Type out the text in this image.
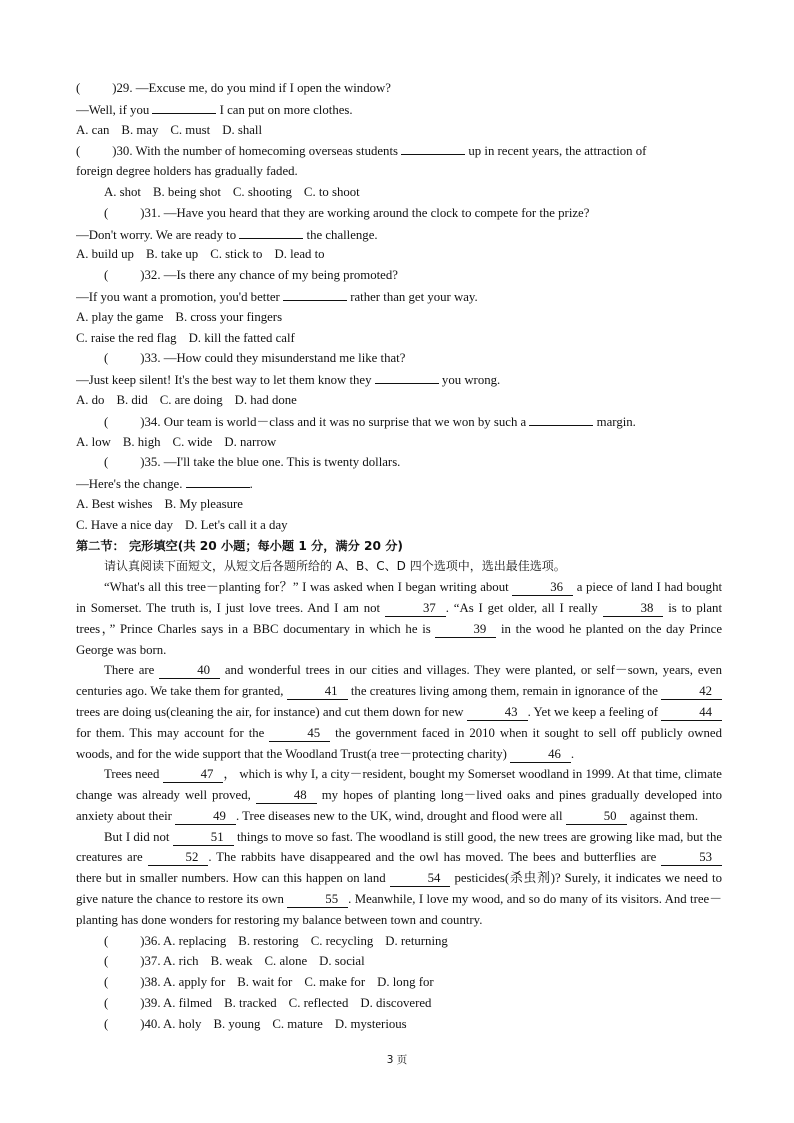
(	)29. —Excuse me, do you mind if I open the window?
—Well, if you	I can put on more clothes.
A. can B. may C. must D. shall
(	)30. With the number of homecoming overseas students	up in recent years, the attraction of
foreign degree holders has gradually faded.
A. shot B. being shot C. shooting C. to shoot
(	)31. —Have you heard that they are working around the clock to compete for the prize?
—Don't worry. We are ready to	the challenge.
A. build up B. take up C. stick to D. lead to
(	)32. —Is there any chance of my being promoted?
—If you want a promotion, you'd better	rather than get your way.
A. play the game B. cross your fingers
C. raise the red flag D. kill the fatted calf
(	)33. —How could they misunderstand me like that?
—Just keep silent! It's the best way to let them know they	you wrong.
A. do B. did C. are doing D. had done
(	)34. Our team is world－class and it was no surprise that we won by such a	margin.
A. low B. high C. wide D. narrow
(	)35. —I'll take the blue one. This is twenty dollars.
—Here's the change.	.
A. Best wishes B. My pleasure
C. Have a nice day D. Let's call it a day
第二节： 完形填空(共 20 小题；每小题 1 分，满分 20 分)
请认真阅读下面短文，从短文后各题所给的 A、B、C、D 四个选项中，选出最佳选项。
“What's all this tree－planting for？” I was asked when I began writing about	36 a piece of land I had bought in Somerset. The truth is, I just love trees. And I am not	37 . “As I get older, all I really	38 is to plant trees，” Prince Charles says in a BBC documentary in which he is	39 in the wood he planted on the day Prince George was born.
There are	40 and wonderful trees in our cities and villages. They were planted, or self－sown, years, even centuries ago. We take them for granted,	41 the creatures living among them, remain in ignorance of the	42 trees are doing us(cleaning the air, for instance) and cut them down for new	43 . Yet we keep a feeling of	44 for them. This may account for the	45 the government faced in 2010 when it sought to sell off publicly owned woods, and for the wide support that the Woodland Trust(a tree－protecting charity)	46 .
Trees need	47 ， which is why I, a city－resident, bought my Somerset woodland in 1999. At that time, climate change was already well proved,	48 my hopes of planting long－lived oaks and pines gradually developed into anxiety about their	49 . Tree diseases new to the UK, wind, drought and flood were all	50 against them.
But I did not	51 things to move so fast. The woodland is still good, the new trees are growing like mad, but the creatures are	52 . The rabbits have disappeared and the owl has moved. The bees and butterflies are	53 there but in smaller numbers. How can this happen on land	54 pesticides(杀虫剂)? Surely, it indicates we need to give nature the chance to restore its own	55 . Meanwhile, I love my wood, and so do many of its visitors. And tree－planting has done wonders for restoring my balance between town and country.
(	)36. A. replacing B. restoring C. recycling D. returning
(	)37. A. rich B. weak C. alone D. social
(	)38. A. apply for B. wait for C. make for D. long for
(	)39. A. filmed B. tracked C. reflected D. discovered
(	)40. A. holy B. young C. mature D. mysterious
3 页
